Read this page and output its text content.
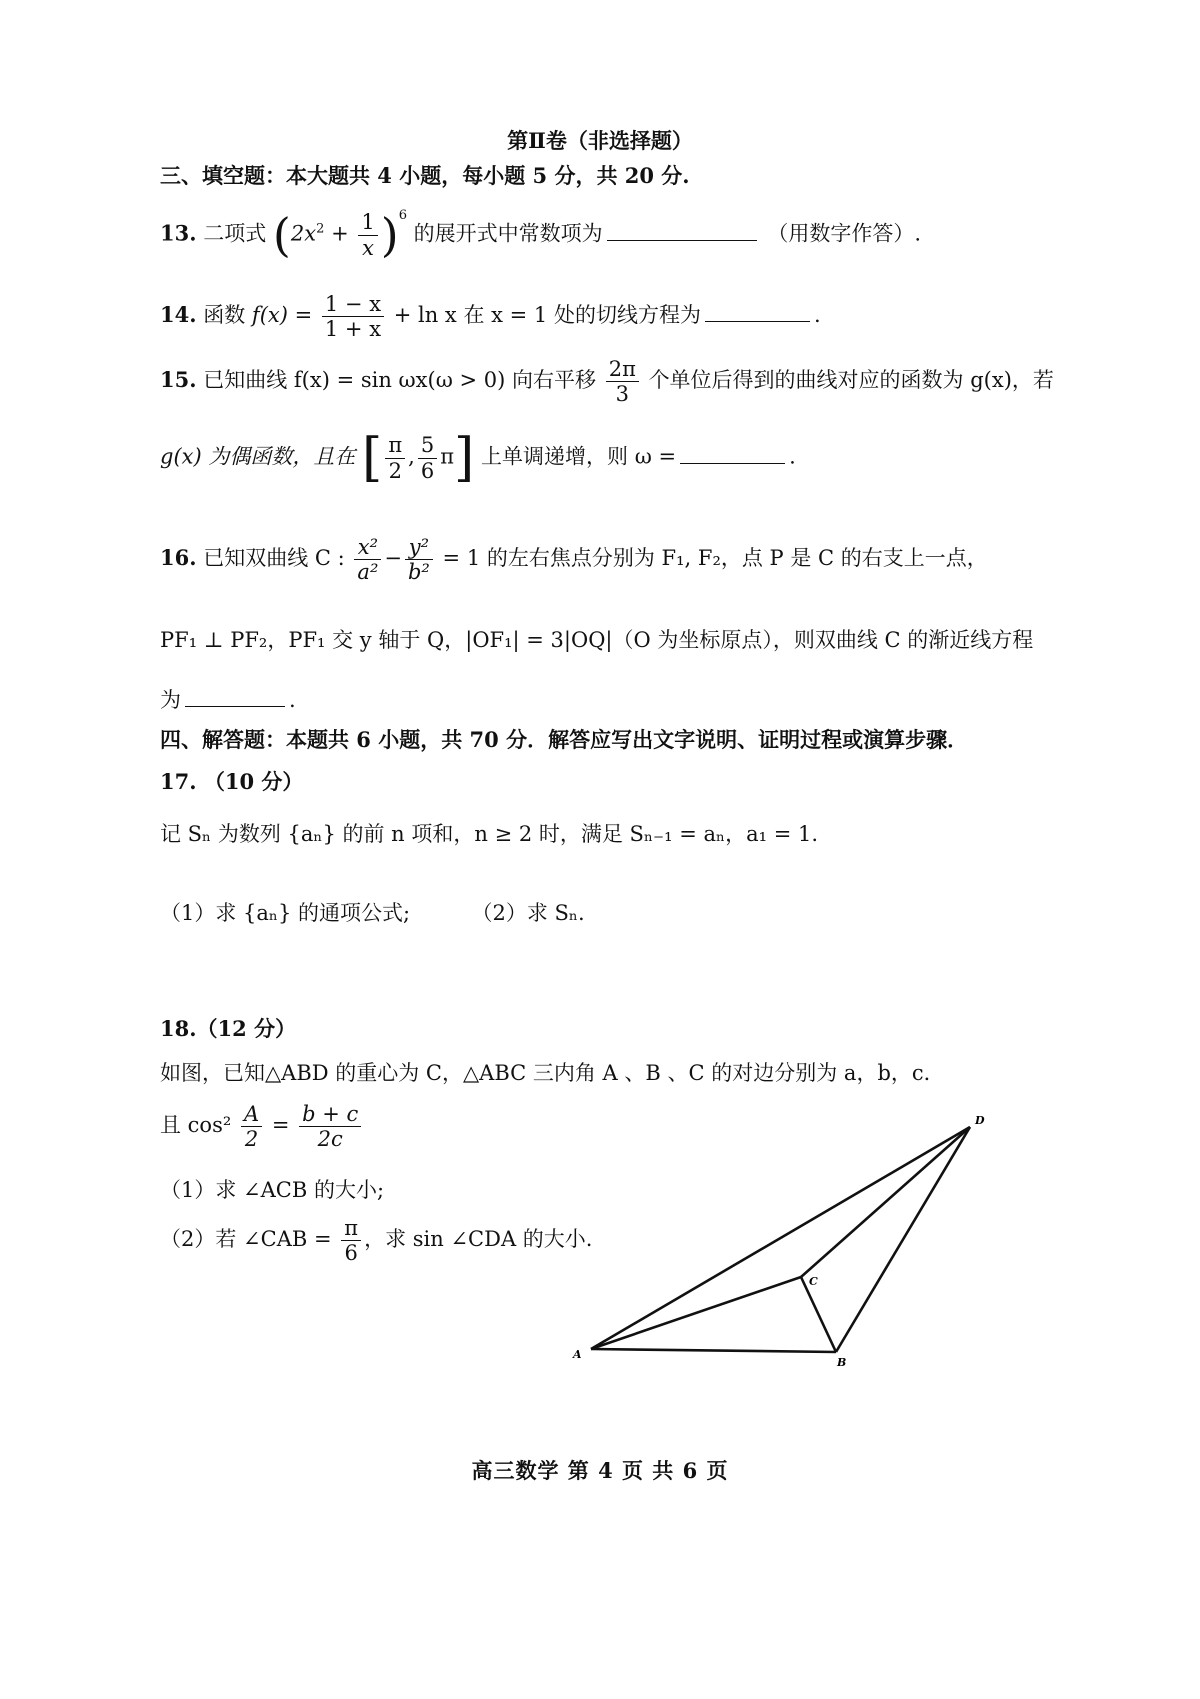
第Ⅱ卷（非选择题）
三、填空题：本大题共 4 小题，每小题 5 分，共 20 分.
13. 二项式 $(2x^2 + \frac{1}{x} )^6$ 的展开式中常数项为	（用数字作答）.
14. 函数 $f(x) = \frac{1 - x}{1 + x} + \ln x$ 在 x = 1 处的切线方程为	.
15. 已知曲线 f(x) = sin ωx(ω > 0) 向右平移 $\frac{2\pi}{3}$ 个单位后得到的曲线对应的函数为 g(x)，若
g(x) 为偶函数，且在 [ $\frac{\pi}{2}$ , $\frac{5}{6} \pi$] 上单调递增，则 ω =	.
16. 已知双曲线 C : $\frac{\text{x²}}{\text{a²}} - \frac{\text{y²}}{\text{b²}} = 1$ 的左右焦点分别为 F₁, F₂，点 P 是 C 的右支上一点，
PF₁ ⊥ PF₂，PF₁ 交 y 轴于 Q，|OF₁| = 3|OQ|（O 为坐标原点），则双曲线 C 的渐近线方程
为	.
四、解答题：本题共 6 小题，共 70 分．解答应写出文字说明、证明过程或演算步骤．
17. （10 分）
记 Sₙ 为数列 {aₙ} 的前 n 项和，n ≥ 2 时，满足 Sₙ₋₁ = aₙ，a₁ = 1.
（1）求 {aₙ} 的通项公式;	（2）求 Sₙ.
18.（12 分）
如图，已知△ABD 的重心为 C，△ABC 三内角 A 、B 、C 的对边分别为 a，b，c．
且 $\cos^2 \frac{A}{2} = \frac{b + c}{2c}$
（1）求 ∠ACB 的大小;
（2）若 ∠CAB = $\frac{\pi}{6}$ ，求 sin ∠CDA 的大小.
A
B
C
D
高三数学 第 4 页 共 6 页
